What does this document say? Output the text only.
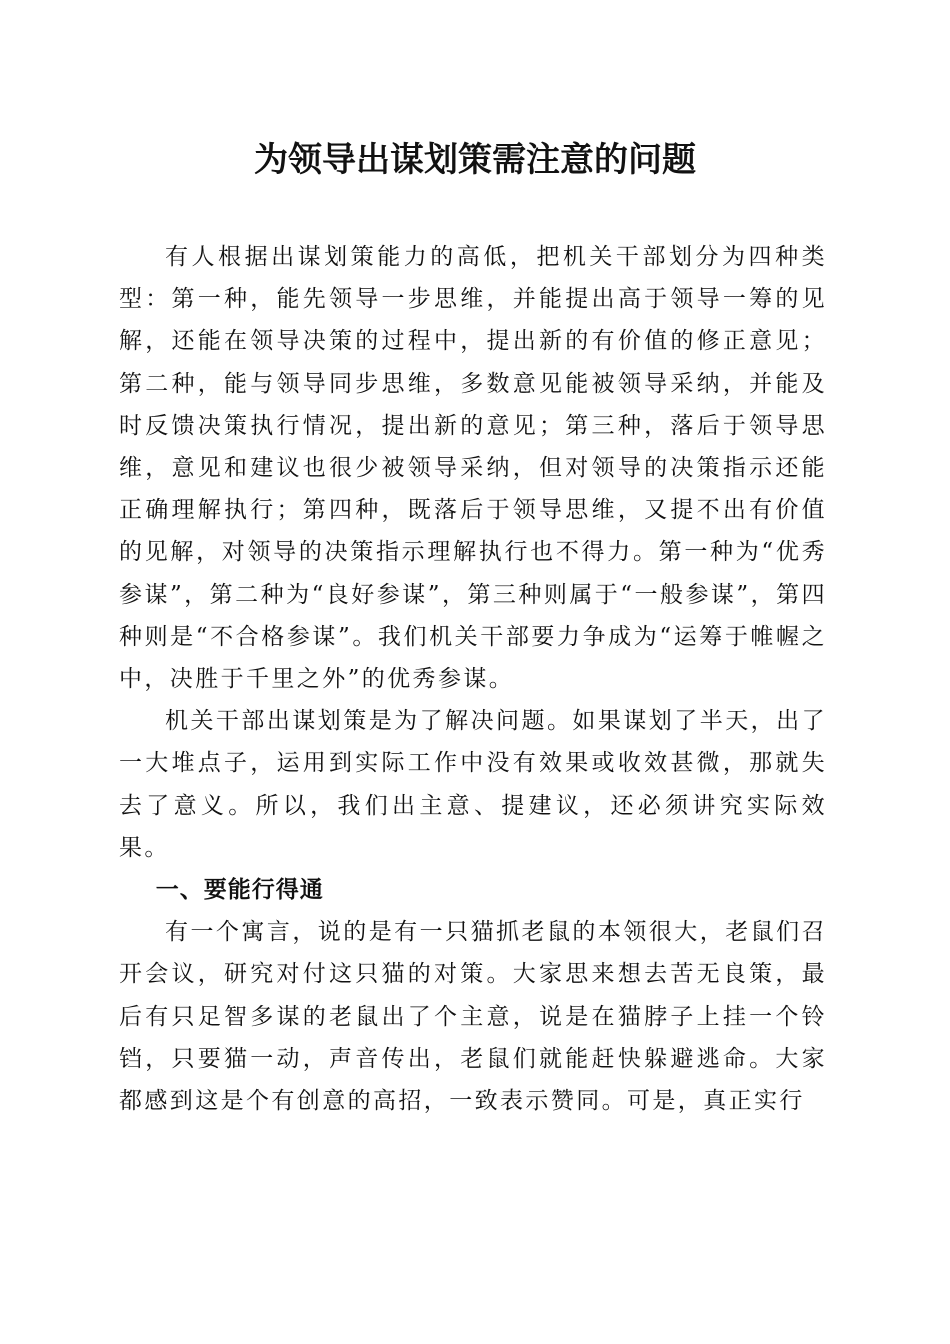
为领导出谋划策需注意的问题

有人根据出谋划策能力的高低，把机关干部划分为四种类型：第一种，能先领导一步思维，并能提出高于领导一筹的见解，还能在领导决策的过程中，提出新的有价值的修正意见；第二种，能与领导同步思维，多数意见能被领导采纳，并能及时反馈决策执行情况，提出新的意见；第三种，落后于领导思维，意见和建议也很少被领导采纳，但对领导的决策指示还能正确理解执行；第四种，既落后于领导思维，又提不出有价值的见解，对领导的决策指示理解执行也不得力。第一种为“优秀参谋”，第二种为“良好参谋”，第三种则属于“一般参谋”，第四种则是“不合格参谋”。我们机关干部要力争成为“运筹于帷幄之中，决胜于千里之外”的优秀参谋。

机关干部出谋划策是为了解决问题。如果谋划了半天，出了一大堆点子，运用到实际工作中没有效果或收效甚微，那就失去了意义。所以，我们出主意、提建议，还必须讲究实际效果。

一、要能行得通

有一个寓言，说的是有一只猫抓老鼠的本领很大，老鼠们召开会议，研究对付这只猫的对策。大家思来想去苦无良策，最后有只足智多谋的老鼠出了个主意，说是在猫脖子上挂一个铃铛，只要猫一动，声音传出，老鼠们就能赶快躲避逃命。大家都感到这是个有创意的高招，一致表示赞同。可是，真正实行
